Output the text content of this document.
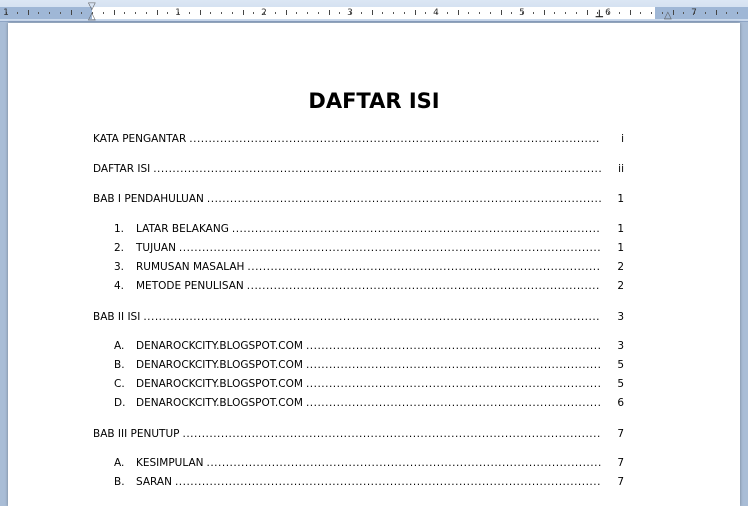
1	1	2	3	4	5	6	7
▽
△	⊥	△
DAFTAR ISI
KATA PENGANTAR .....	i
DAFTAR ISI .....	ii
BAB I PENDAHULUAN .....	1
1.	LATAR BELAKANG .....	1
2.	TUJUAN .....	1
3.	RUMUSAN MASALAH .....	2
4.	METODE PENULISAN .....	2
BAB II ISI .....	3
A.	DENAROCKCITY.BLOGSPOT.COM .....	3
B.	DENAROCKCITY.BLOGSPOT.COM .....	5
C.	DENAROCKCITY.BLOGSPOT.COM .....	5
D.	DENAROCKCITY.BLOGSPOT.COM .....	6
BAB III PENUTUP .....	7
A.	KESIMPULAN .....	7
B.	SARAN .....	7
